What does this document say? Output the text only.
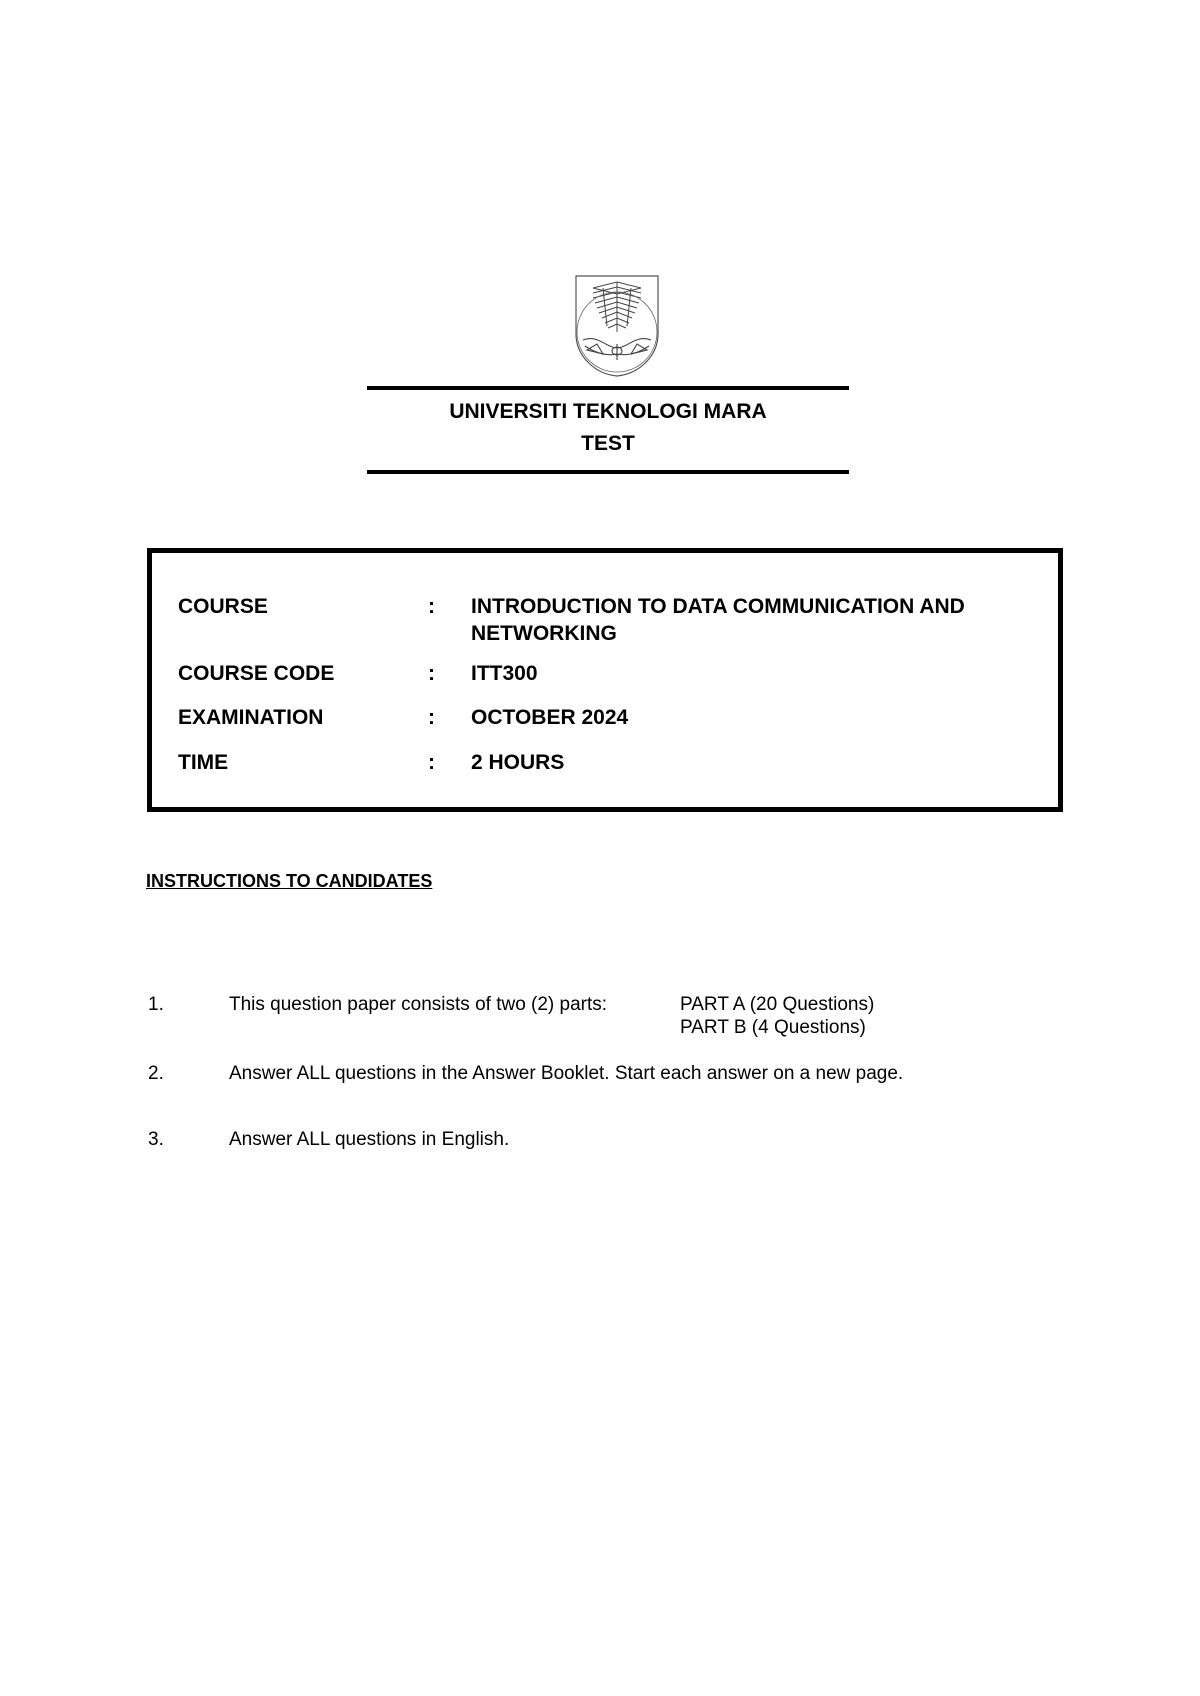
UNIVERSITI TEKNOLOGI MARA
TEST
COURSE	:	INTRODUCTION TO DATA COMMUNICATION AND
NETWORKING
COURSE CODE	:	ITT300
EXAMINATION	:	OCTOBER 2024
TIME	:	2 HOURS
INSTRUCTIONS TO CANDIDATES
1.	This question paper consists of two (2) parts:	PART A (20 Questions)
PART B (4 Questions)
2.	Answer ALL questions in the Answer Booklet. Start each answer on a new page.
3.	Answer ALL questions in English.
